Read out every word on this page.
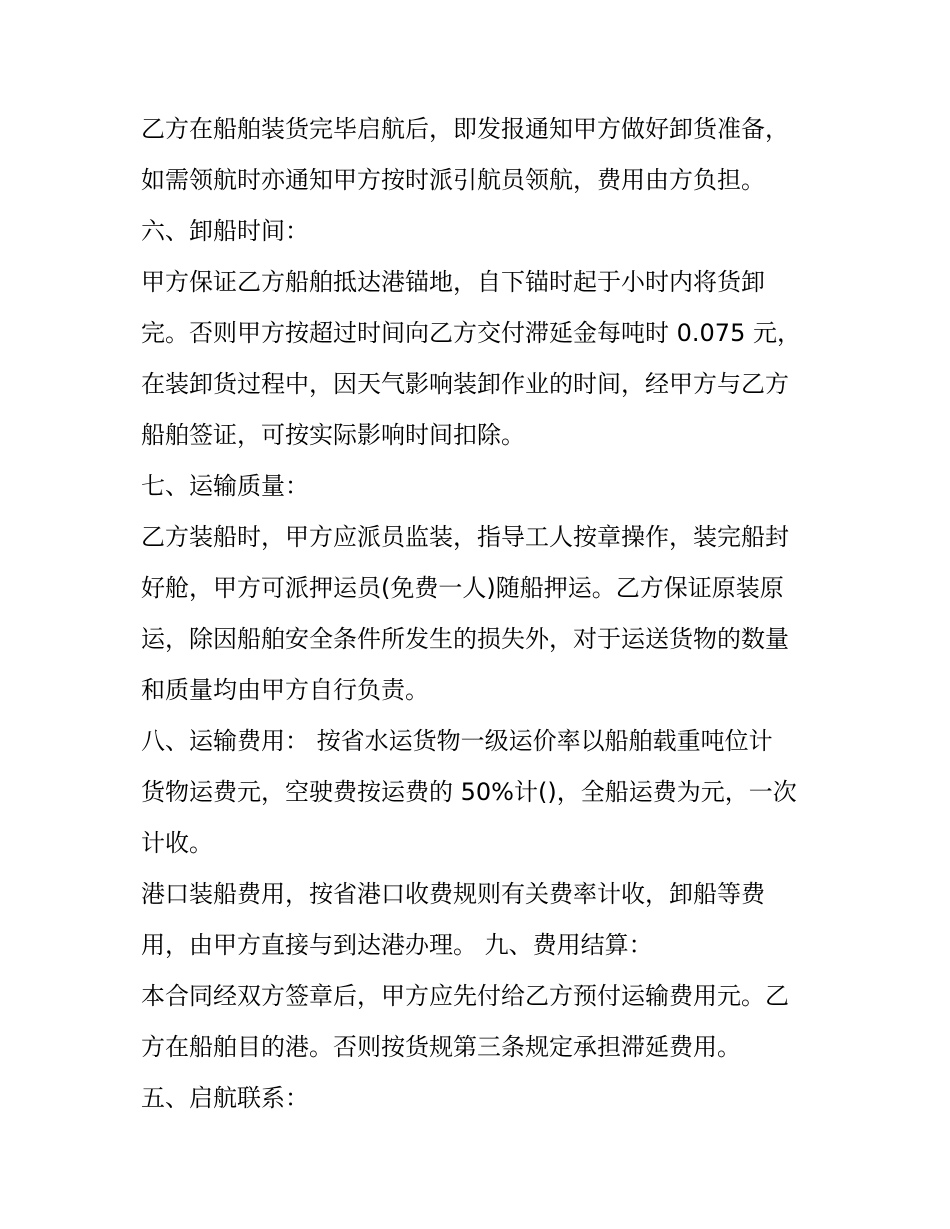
乙方在船舶装货完毕启航后，即发报通知甲方做好卸货准备，
如需领航时亦通知甲方按时派引航员领航，费用由方负担。
六、卸船时间：
甲方保证乙方船舶抵达港锚地，自下锚时起于小时内将货卸
完。否则甲方按超过时间向乙方交付滞延金每吨时 0.075 元，
在装卸货过程中，因天气影响装卸作业的时间，经甲方与乙方
船舶签证，可按实际影响时间扣除。
七、运输质量：
乙方装船时，甲方应派员监装，指导工人按章操作，装完船封
好舱，甲方可派押运员(免费一人)随船押运。乙方保证原装原
运，除因船舶安全条件所发生的损失外，对于运送货物的数量
和质量均由甲方自行负责。
八、运输费用： 按省水运货物一级运价率以船舶载重吨位计
货物运费元，空驶费按运费的 50%计()，全船运费为元，一次
计收。
港口装船费用，按省港口收费规则有关费率计收，卸船等费
用，由甲方直接与到达港办理。 九、费用结算：
本合同经双方签章后，甲方应先付给乙方预付运输费用元。乙
方在船舶目的港。否则按货规第三条规定承担滞延费用。
五、启航联系：
